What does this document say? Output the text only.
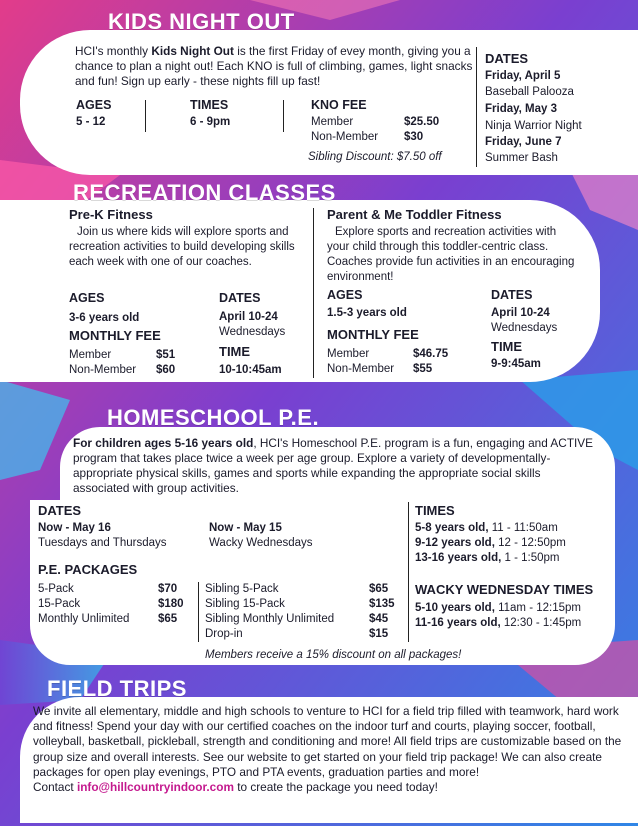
KIDS NIGHT OUT
HCI's monthly Kids Night Out is the first Friday of evey month, giving you a chance to plan a night out! Each KNO is full of climbing, games, light snacks and fun! Sign up early - these nights fill up fast!
AGES
5 - 12
TIMES
6 - 9pm
KNO FEE
Member	$25.50
Non-Member $30
Sibling Discount: $7.50 off
DATES
Friday, April 5
Baseball Palooza
Friday, May 3
Ninja Warrior Night
Friday, June 7
Summer Bash
RECREATION CLASSES
Pre-K Fitness
Join us where kids will explore sports and recreation activities to build developing skills each week with one of our coaches.
AGES
3-6 years old
MONTHLY FEE
Member	$51
Non-Member $60
DATES
April 10-24
Wednesdays
TIME
10-10:45am
Parent & Me Toddler Fitness
Explore sports and recreation activities with your child through this toddler-centric class. Coaches provide fun activities in an encouraging environment!
AGES
1.5-3 years old
MONTHLY FEE
Member	$46.75
Non-Member $55
DATES
April 10-24
Wednesdays
TIME
9-9:45am
HOMESCHOOL P.E.
For children ages 5-16 years old, HCI's Homeschool P.E. program is a fun, engaging and ACTIVE program that takes place twice a week per age group. Explore a variety of developmentally-appropriate physical skills, games and sports while expanding the appropriate social skills associated with group activities.
DATES
Now - May 16
Tuesdays and Thursdays
Now - May 15
Wacky Wednesdays
P.E. PACKAGES
5-Pack	$70
15-Pack	$180
Monthly Unlimited $65
Sibling 5-Pack	$65
Sibling 15-Pack	$135
Sibling Monthly Unlimited	$45
Drop-in	$15
Members receive a 15% discount on all packages!
TIMES
5-8 years old, 11 - 11:50am
9-12 years old, 12 - 12:50pm
13-16 years old, 1 - 1:50pm
WACKY WEDNESDAY TIMES
5-10 years old, 11am - 12:15pm
11-16 years old, 12:30 - 1:45pm
FIELD TRIPS
We invite all elementary, middle and high schools to venture to HCI for a field trip filled with teamwork, hard work and fitness! Spend your day with our certified coaches on the indoor turf and courts, playing soccer, football, volleyball, basketball, pickleball, strength and conditioning and more! All field trips are customizable based on the group size and overall interests. See our website to get started on your field trip package! We can also create packages for open play evenings, PTO and PTA events, graduation parties and more!
Contact info@hillcountryindoor.com to create the package you need today!
